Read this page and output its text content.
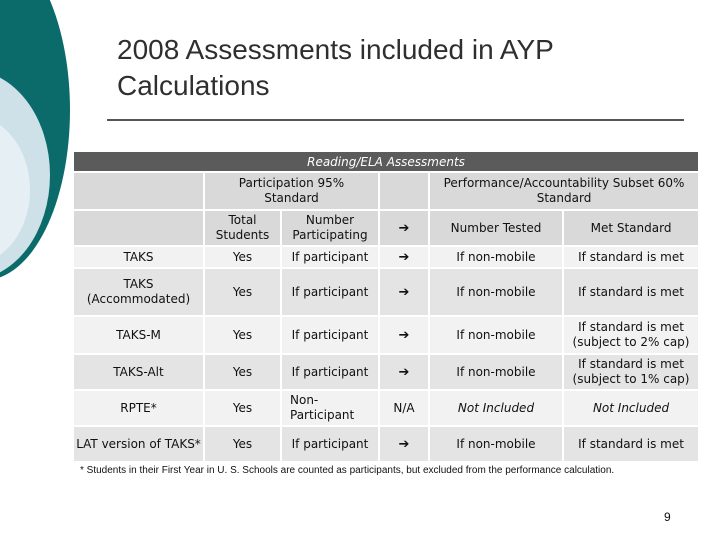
2008 Assessments included in AYP
Calculations
Reading/ELA Assessments					

	Participation 95% Standard			Performance/Accountability Subset 60% Standard	

	Total Students	Number Participating	➔	Number Tested	Met Standard
TAKS	Yes	If participant	➔	If non-mobile	If standard is met

TAKS (Accommodated)	Yes	If participant	➔	If non-mobile	If standard is met
TAKS-M	Yes	If participant	➔	If non-mobile	If standard is met (subject to 2% cap)

TAKS-Alt	Yes	If participant	➔	If non-mobile	If standard is met (subject to 1% cap)

RPTE*	Yes	Non-Participant	N/A	Not Included	Not Included

LAT version of TAKS*	Yes	If participant	➔	If non-mobile	If standard is met
* Students in their First Year in U. S. Schools are counted as participants, but excluded from the performance calculation.
9
